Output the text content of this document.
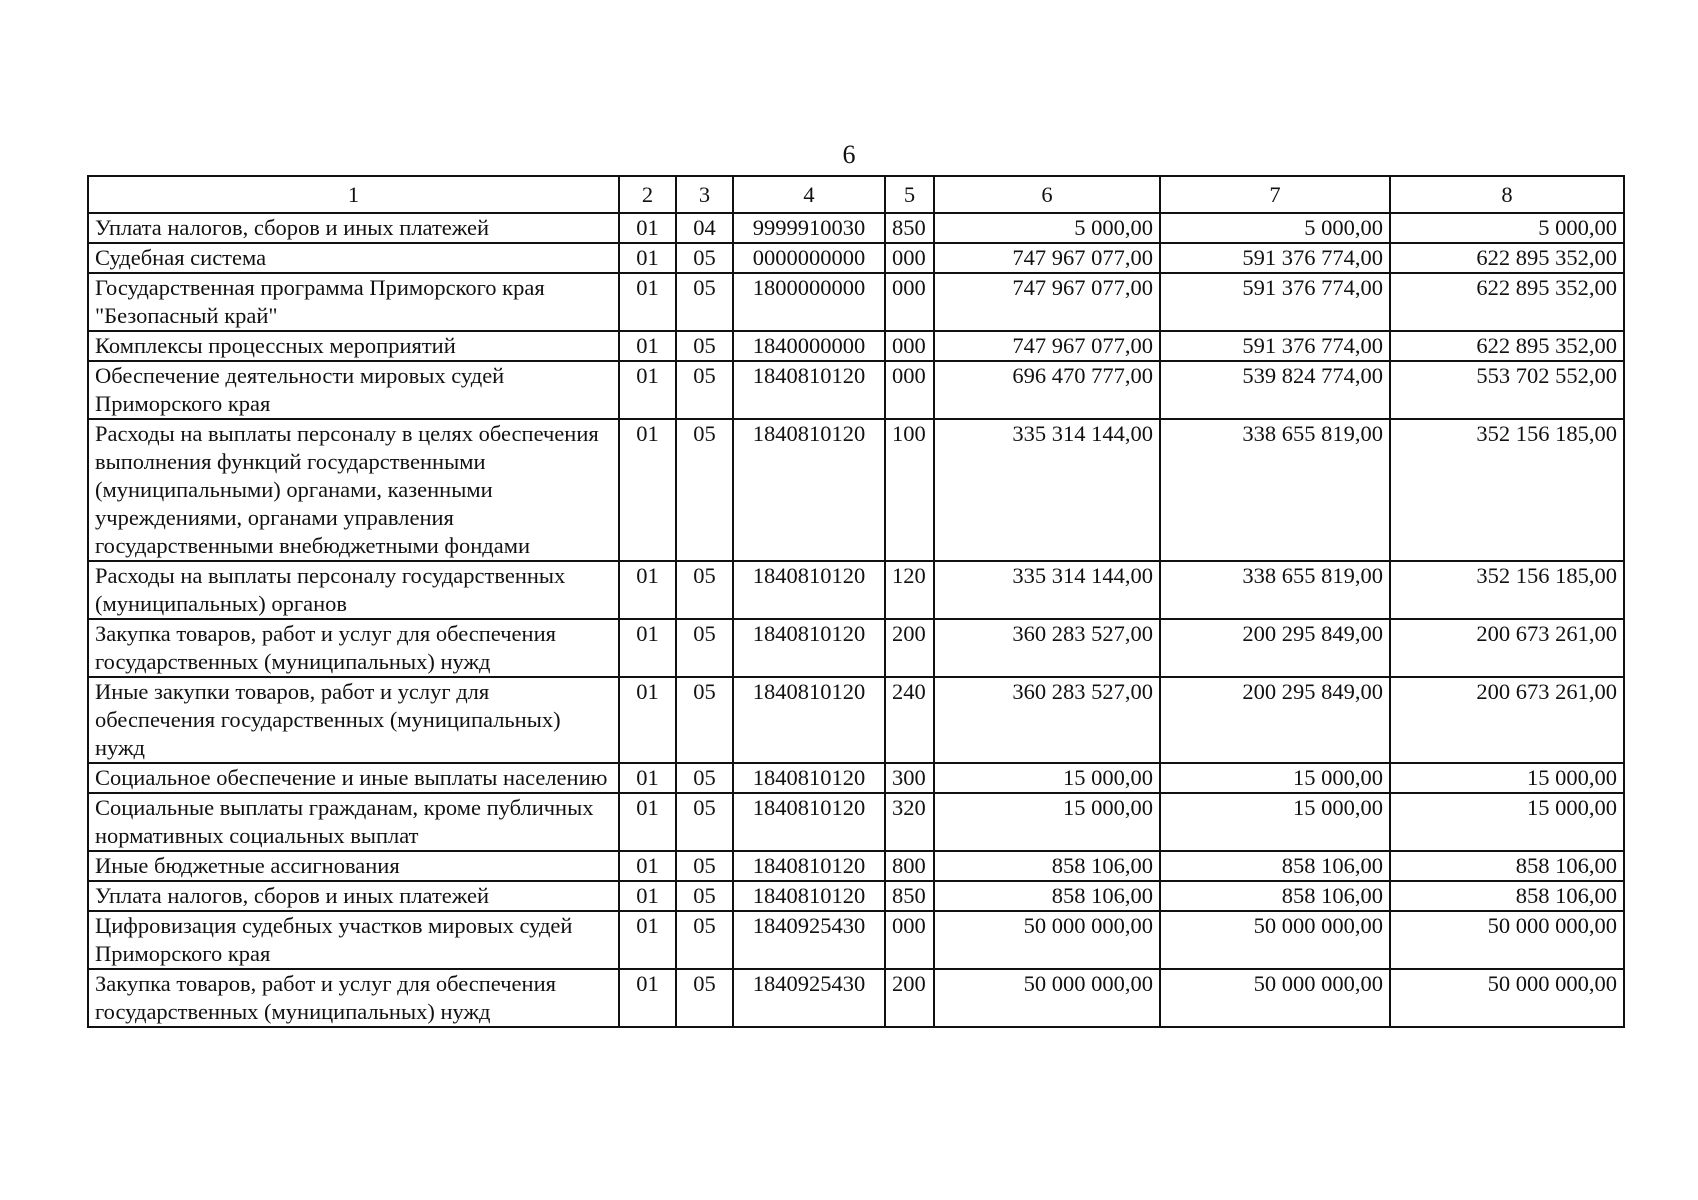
6
1	2	3	4	5	6	7	8
Уплата налогов, сборов и иных платежей	01	04	9999910030	850	5 000,00	5 000,00	5 000,00
Судебная система	01	05	0000000000	000	747 967 077,00	591 376 774,00	622 895 352,00
Государственная программа Приморского края "Безопасный край"	01	05	1800000000	000	747 967 077,00	591 376 774,00	622 895 352,00
Комплексы процессных мероприятий	01	05	1840000000	000	747 967 077,00	591 376 774,00	622 895 352,00
Обеспечение деятельности мировых судей Приморского края	01	05	1840810120	000	696 470 777,00	539 824 774,00	553 702 552,00
Расходы на выплаты персоналу в целях обеспечения выполнения функций государственными (муниципальными) органами, казенными учреждениями, органами управления государственными внебюджетными фондами	01	05	1840810120	100	335 314 144,00	338 655 819,00	352 156 185,00
Расходы на выплаты персоналу государственных (муниципальных) органов	01	05	1840810120	120	335 314 144,00	338 655 819,00	352 156 185,00
Закупка товаров, работ и услуг для обеспечения государственных (муниципальных) нужд	01	05	1840810120	200	360 283 527,00	200 295 849,00	200 673 261,00
Иные закупки товаров, работ и услуг для обеспечения государственных (муниципальных) нужд	01	05	1840810120	240	360 283 527,00	200 295 849,00	200 673 261,00
Социальное обеспечение и иные выплаты населению	01	05	1840810120	300	15 000,00	15 000,00	15 000,00
Социальные выплаты гражданам, кроме публичных нормативных социальных выплат	01	05	1840810120	320	15 000,00	15 000,00	15 000,00
Иные бюджетные ассигнования	01	05	1840810120	800	858 106,00	858 106,00	858 106,00
Уплата налогов, сборов и иных платежей	01	05	1840810120	850	858 106,00	858 106,00	858 106,00
Цифровизация судебных участков мировых судей Приморского края	01	05	1840925430	000	50 000 000,00	50 000 000,00	50 000 000,00
Закупка товаров, работ и услуг для обеспечения государственных (муниципальных) нужд	01	05	1840925430	200	50 000 000,00	50 000 000,00	50 000 000,00
